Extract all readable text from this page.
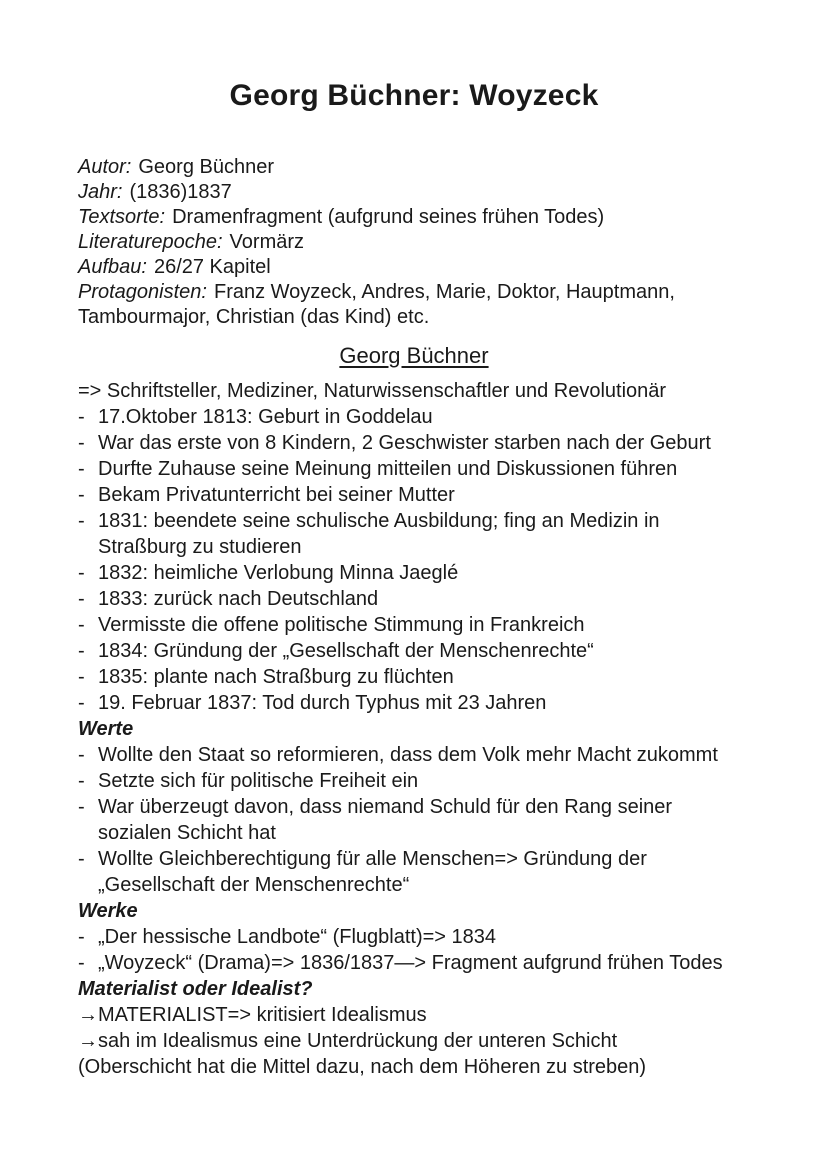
Georg Büchner: Woyzeck
Autor: Georg Büchner
Jahr: (1836)1837
Textsorte: Dramenfragment (aufgrund seines frühen Todes)
Literaturepoche: Vormärz
Aufbau: 26/27 Kapitel
Protagonisten: Franz Woyzeck, Andres, Marie, Doktor, Hauptmann,
Tambourmajor, Christian (das Kind) etc.
Georg Büchner
=> Schriftsteller, Mediziner, Naturwissenschaftler und Revolutionär
- 17.Oktober 1813: Geburt in Goddelau
- War das erste von 8 Kindern, 2 Geschwister starben nach der Geburt
- Durfte Zuhause seine Meinung mitteilen und Diskussionen führen
- Bekam Privatunterricht bei seiner Mutter
- 1831: beendete seine schulische Ausbildung; fing an Medizin in
Straßburg zu studieren
- 1832: heimliche Verlobung Minna Jaeglé
- 1833: zurück nach Deutschland
- Vermisste die offene politische Stimmung in Frankreich
- 1834: Gründung der „Gesellschaft der Menschenrechte“
- 1835: plante nach Straßburg zu flüchten
- 19. Februar 1837: Tod durch Typhus mit 23 Jahren
Werte
- Wollte den Staat so reformieren, dass dem Volk mehr Macht zukommt
- Setzte sich für politische Freiheit ein
- War überzeugt davon, dass niemand Schuld für den Rang seiner
sozialen Schicht hat
- Wollte Gleichberechtigung für alle Menschen=> Gründung der
„Gesellschaft der Menschenrechte“
Werke
- „Der hessische Landbote“ (Flugblatt)=> 1834
- „Woyzeck“ (Drama)=> 1836/1837—> Fragment aufgrund frühen Todes
Materialist oder Idealist?
→MATERIALIST=> kritisiert Idealismus
→sah im Idealismus eine Unterdrückung der unteren Schicht
(Oberschicht hat die Mittel dazu, nach dem Höheren zu streben)
